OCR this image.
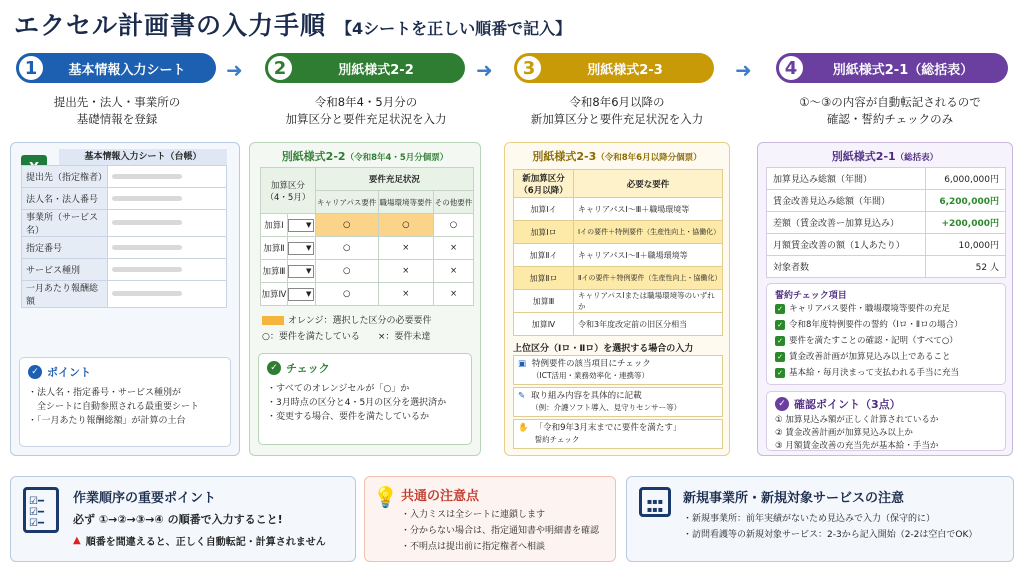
エクセル計画書の入力手順 【4シートを正しい順番で記入】
1	基本情報入力シート	➜	2	別紙様式2-2	➜	3	別紙様式2-3	➜	4	別紙様式2-1（総括表）
提出先・法人・事業所の
基礎情報を登録
令和8年4・5月分の
加算区分と要件充足状況を入力
令和8年6月以降の
新加算区分と要件充足状況を入力
①〜③の内容が自動転記されるので
確認・誓約チェックのみ
基本情報入力シート（台帳）
提出先（指定権者）	
法人名・法人番号	
事業所（サービス名）	
指定番号	
サービス種別	
一月あたり報酬総額	
✓ ポイント
・法人名・指定番号・サービス種別が
　全シートに自動参照される最重要シート
・「一月あたり報酬総額」が計算の土台
別紙様式2-2（令和8年4・5月分個票）
加算区分
（4・5月）		要件充足状況		
		キャリアパス要件	職場環境等要件	その他要件
加算Ⅰ	▼	○	○	○
加算Ⅱ	▼	○	×	×
加算Ⅲ	▼	○	×	×
加算Ⅳ	▼	○	×	×
オレンジ：選択した区分の必要要件
○：要件を満たしている　　×：要件未達
✓ チェック
・すべてのオレンジセルが「○」か
・3月時点の区分と4・5月の区分を選択済か
・変更する場合、要件を満たしているか
別紙様式2-3（令和8年6月以降分個票）
新加算区分（6月以降）	必要な要件
加算Ⅰイ	キャリアパスⅠ〜Ⅲ＋職場環境等
加算Ⅰロ	Ⅰイの要件＋特例要件（生産性向上・協働化）
加算Ⅱイ	キャリアパスⅠ〜Ⅱ＋職場環境等
加算Ⅱロ	Ⅱイの要件＋特例要件（生産性向上・協働化）
加算Ⅲ	キャリアパスⅠまたは職場環境等のいずれか
加算Ⅳ	令和3年度改定前の旧区分相当
上位区分（Ⅰロ・Ⅱロ）を選択する場合の入力
▣ 特例要件の該当項目にチェック
（ICT活用・業務効率化・連携等）
✎ 取り組み内容を具体的に記載
（例：介護ソフト導入、見守りセンサー等）
✋ 「令和9年3月末までに要件を満たす」
誓約チェック
別紙様式2-1（総括表）
加算見込み総額（年間）	6,000,000円
賃金改善見込み総額（年間）	6,200,000円
差額（賃金改善ー加算見込み）	+200,000円
月額賃金改善の額（1人あたり）	10,000円
対象者数	52 人
誓約チェック項目
✓ キャリアパス要件・職場環境等要件の充足
✓ 令和8年度特例要件の誓約（Ⅰロ・Ⅱロの場合）
✓ 要件を満たすことの確認・記明（すべて○）
✓ 賃金改善計画が加算見込み以上であること
✓ 基本給・毎月決まって支払われる手当に充当
✓ 確認ポイント（3点）
① 加算見込み額が正しく計算されているか
② 賃金改善計画が加算見込み以上か
③ 月額賃金改善の充当先が基本給・手当か
☑━
☑━
☑━
作業順序の重要ポイント
必ず ①→②→③→④ の順番で入力すること!
▲ 順番を間違えると、正しく自動転記・計算されません
💡 共通の注意点
・入力ミスは全シートに連鎖します
・分からない場合は、指定通知書や明細書を確認
・不明点は提出前に指定権者へ相談
▪▪▪
▪▪▪
新規事業所・新規対象サービスの注意
・新規事業所：前年実績がないため見込みで入力（保守的に）
・訪問看護等の新規対象サービス：2-3から記入開始（2-2は空白でOK）
